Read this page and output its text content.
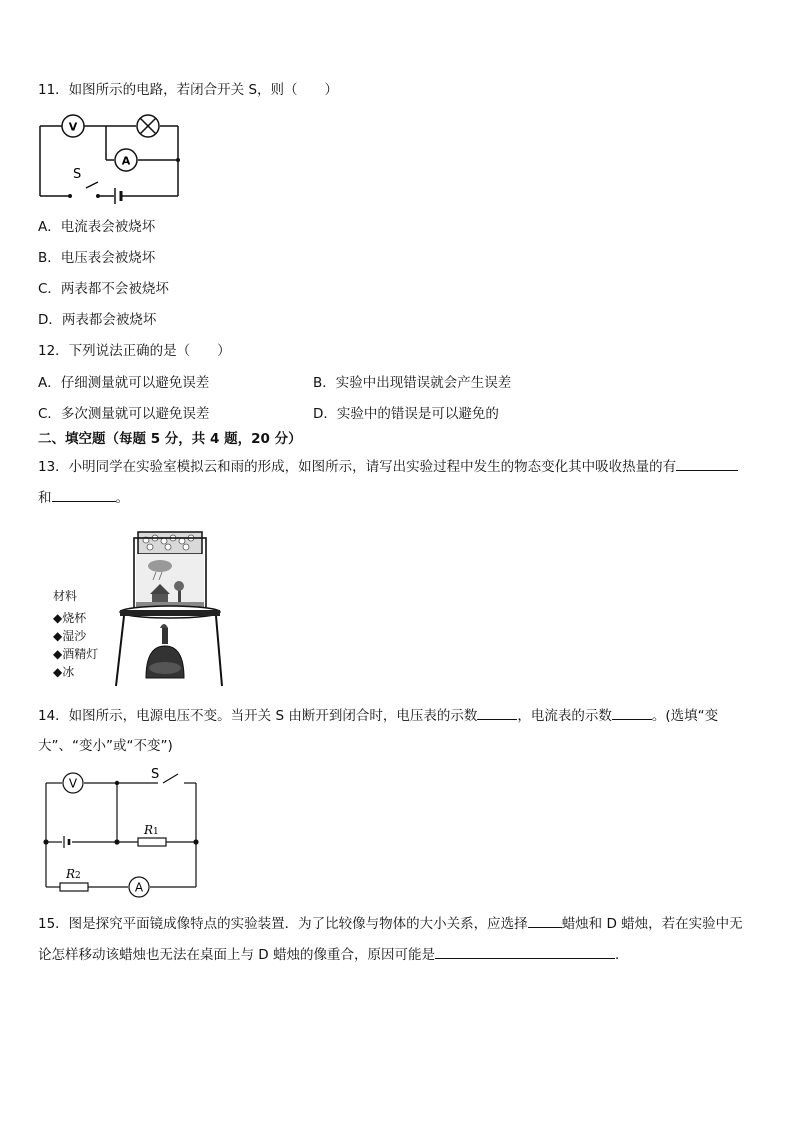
11．如图所示的电路，若闭合开关 S，则（　　）
V
A
S
A．电流表会被烧坏
B．电压表会被烧坏
C．两表都不会被烧坏
D．两表都会被烧坏
12．下列说法正确的是（　　）
A．仔细测量就可以避免误差	B．实验中出现错误就会产生误差
C．多次测量就可以避免误差	D．实验中的错误是可以避免的
二、填空题（每题 5 分，共 4 题，20 分）
13．小明同学在实验室模拟云和雨的形成，如图所示，请写出实验过程中发生的物态变化其中吸收热量的有
和	。
材料
◆烧杯
◆湿沙
◆酒精灯
◆冰
14．如图所示，电源电压不变。当开关 S 由断开到闭合时，电压表的示数	，电流表的示数	。(选填“变
大”、“变小”或“不变”)
V
A
S
R1
R2
15．图是探究平面镜成像特点的实验装置．为了比较像与物体的大小关系，应选择	蜡烛和 D 蜡烛，若在实验中无
论怎样移动该蜡烛也无法在桌面上与 D 蜡烛的像重合，原因可能是	．
